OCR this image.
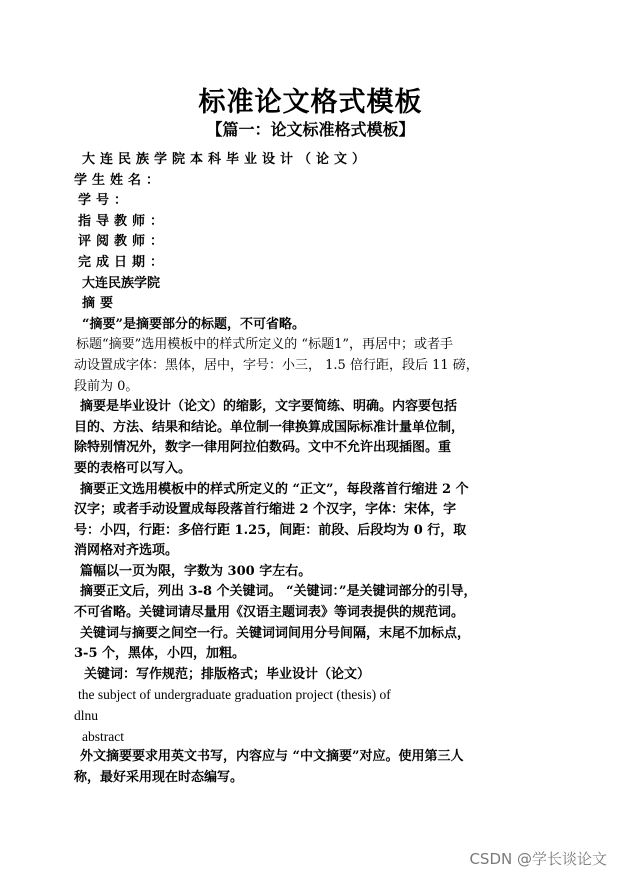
标准论文格式模板
【篇一：论文标准格式模板】
大连民族学院本科毕业设计（论文）
学生姓名：
学号：
指导教师：
评阅教师：
完成日期：
大连民族学院
摘要
“摘要”是摘要部分的标题，不可省略。
标题“摘要”选用模板中的样式所定义的 “标题1”，再居中；或者手
动设置成字体：黑体，居中，字号：小三， 1.5 倍行距，段后 11 磅，
段前为 0。
摘要是毕业设计（论文）的缩影，文字要简练、明确。内容要包括
目的、方法、结果和结论。单位制一律换算成国际标准计量单位制，
除特别情况外，数字一律用阿拉伯数码。文中不允许出现插图。重
要的表格可以写入。
摘要正文选用模板中的样式所定义的 “正文”，每段落首行缩进 2 个
汉字；或者手动设置成每段落首行缩进 2 个汉字，字体：宋体，字
号：小四，行距：多倍行距 1.25，间距：前段、后段均为 0 行，取
消网格对齐选项。
篇幅以一页为限，字数为 300 字左右。
摘要正文后，列出 3-8 个关键词。 “关键词：”是关键词部分的引导，
不可省略。关键词请尽量用《汉语主题词表》等词表提供的规范词。
关键词与摘要之间空一行。关键词词间用分号间隔，末尾不加标点，
3-5 个，黑体，小四，加粗。
关键词：写作规范；排版格式；毕业设计（论文）
the subject of undergraduate graduation project (thesis) of
dlnu
abstract
外文摘要要求用英文书写，内容应与 “中文摘要”对应。使用第三人
称，最好采用现在时态编写。
CSDN @学长谈论文
